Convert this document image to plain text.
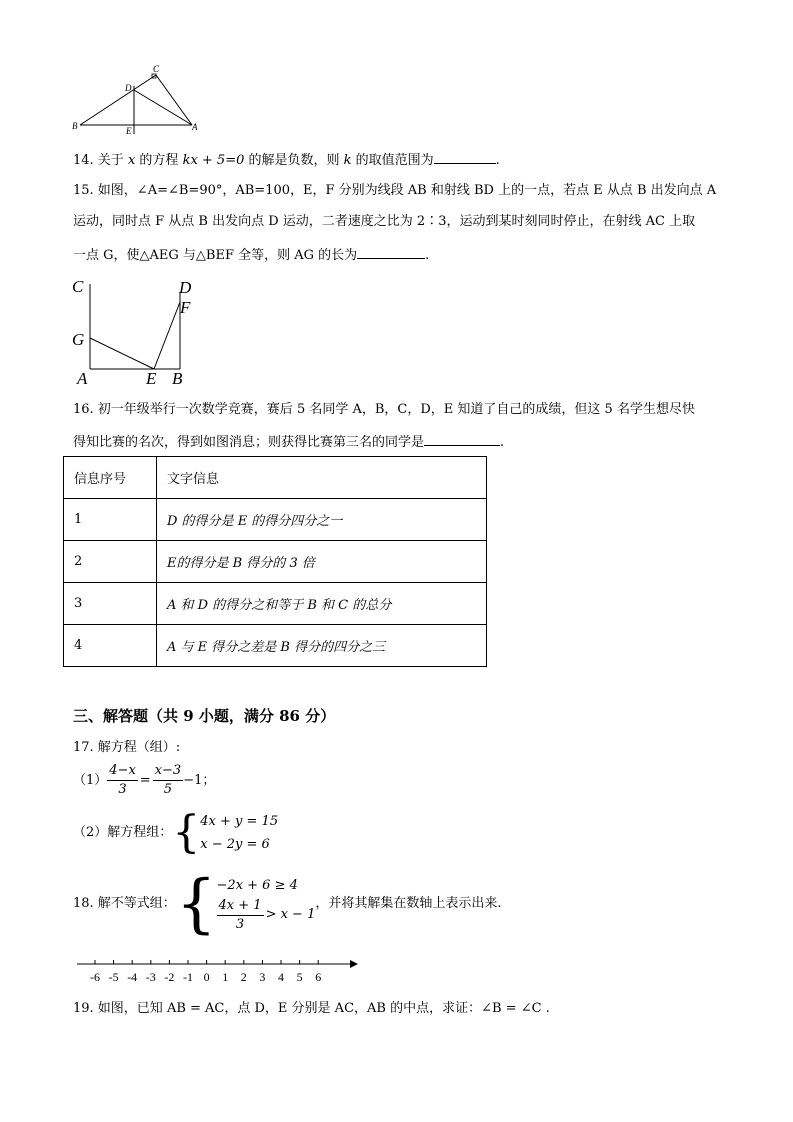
C
D
B	E	A
14. 关于 x 的方程 kx + 5=0 的解是负数，则 k 的取值范围为	.
15. 如图，∠A=∠B=90°，AB=100，E，F 分别为线段 AB 和射线 BD 上的一点，若点 E 从点 B 出发向点 A
运动，同时点 F 从点 B 出发向点 D 运动，二者速度之比为 2∶3，运动到某时刻同时停止，在射线 AC 上取
一点 G，使△AEG 与△BEF 全等，则 AG 的长为	.
C	D
F
G
A	E B
16. 初一年级举行一次数学竞赛，赛后 5 名同学 A，B，C，D，E 知道了自己的成绩，但这 5 名学生想尽快
得知比赛的名次，得到如图消息；则获得比赛第三名的同学是	.
信息序号	文字信息
1	D 的得分是 E 的得分四分之一
2	E的得分是 B 得分的 3 倍
3	A 和 D 的得分之和等于 B 和 C 的总分
4	A 与 E 得分之差是 B 得分的四分之三
三、解答题（共 9 小题，满分 86 分）
17. 解方程（组）:
$(1) \frac{4-x}{3} = \frac{x-3}{5} -1$；
（2）解方程组： { 4x + y = 15
x − 2y = 6
18. 解不等式组： { −2x + 6 ≥ 4
$\frac{4x + 1}{3} > x - 1$
，并将其解集在数轴上表示出来.
-6 -5 -4 -3 -2 -1 0 1 2 3 4 5 6
19. 如图，已知 AB = AC，点 D，E 分别是 AC，AB 的中点，求证：∠B = ∠C .
